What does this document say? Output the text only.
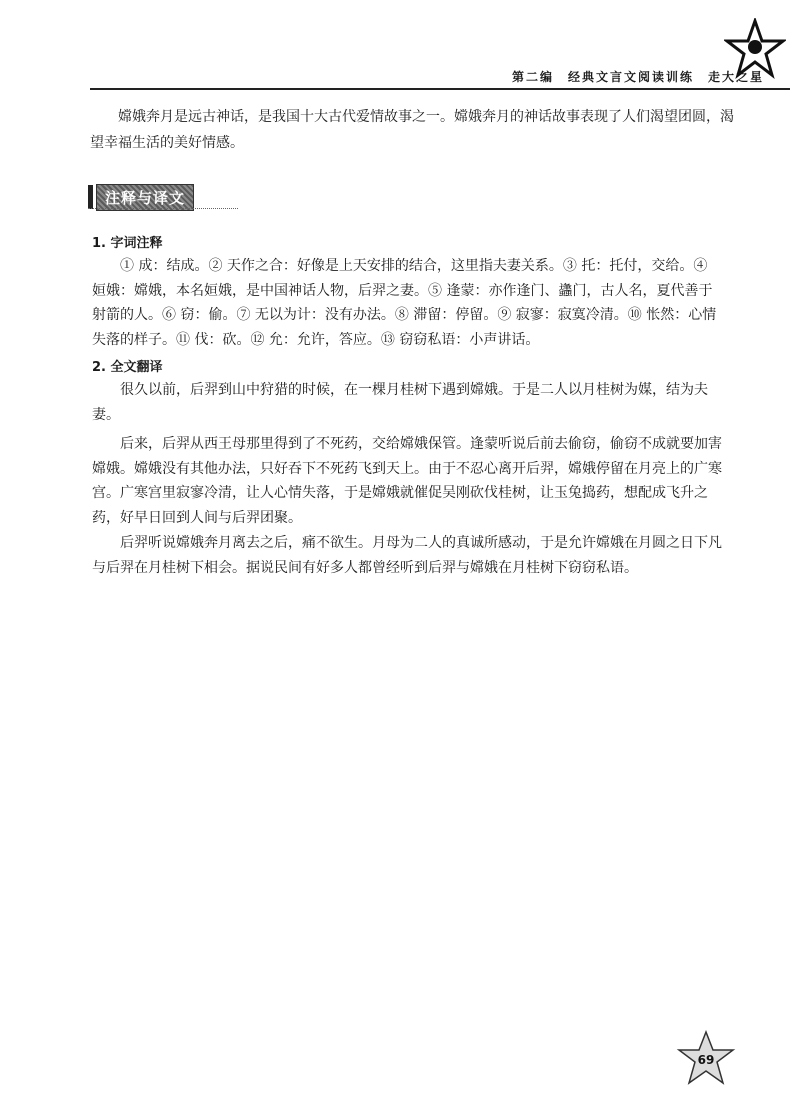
第二编　经典文言文阅读训练　走大之星

嫦娥奔月是远古神话，是我国十大古代爱情故事之一。嫦娥奔月的神话故事表现了人们渴望团圆，渴望幸福生活的美好情感。

注释与译文
1. 字词注释

① 成：结成。② 天作之合：好像是上天安排的结合，这里指夫妻关系。③ 托：托付，交给。④ 姮娥：嫦娥，本名姮娥，是中国神话人物，后羿之妻。⑤ 逢蒙：亦作逢门、蠭门，古人名，夏代善于射箭的人。⑥ 窃：偷。⑦ 无以为计：没有办法。⑧ 滞留：停留。⑨ 寂寥：寂寞冷清。⑩ 怅然：心情失落的样子。⑪ 伐：砍。⑫ 允：允许，答应。⑬ 窃窃私语：小声讲话。

2. 全文翻译

很久以前，后羿到山中狩猎的时候，在一棵月桂树下遇到嫦娥。于是二人以月桂树为媒，结为夫妻。

后来，后羿从西王母那里得到了不死药，交给嫦娥保管。逢蒙听说后前去偷窃，偷窃不成就要加害嫦娥。嫦娥没有其他办法，只好吞下不死药飞到天上。由于不忍心离开后羿，嫦娥停留在月亮上的广寒宫。广寒宫里寂寥冷清，让人心情失落，于是嫦娥就催促吴刚砍伐桂树，让玉兔捣药，想配成飞升之药，好早日回到人间与后羿团聚。

后羿听说嫦娥奔月离去之后，痛不欲生。月母为二人的真诚所感动，于是允许嫦娥在月圆之日下凡与后羿在月桂树下相会。据说民间有好多人都曾经听到后羿与嫦娥在月桂树下窃窃私语。

69
